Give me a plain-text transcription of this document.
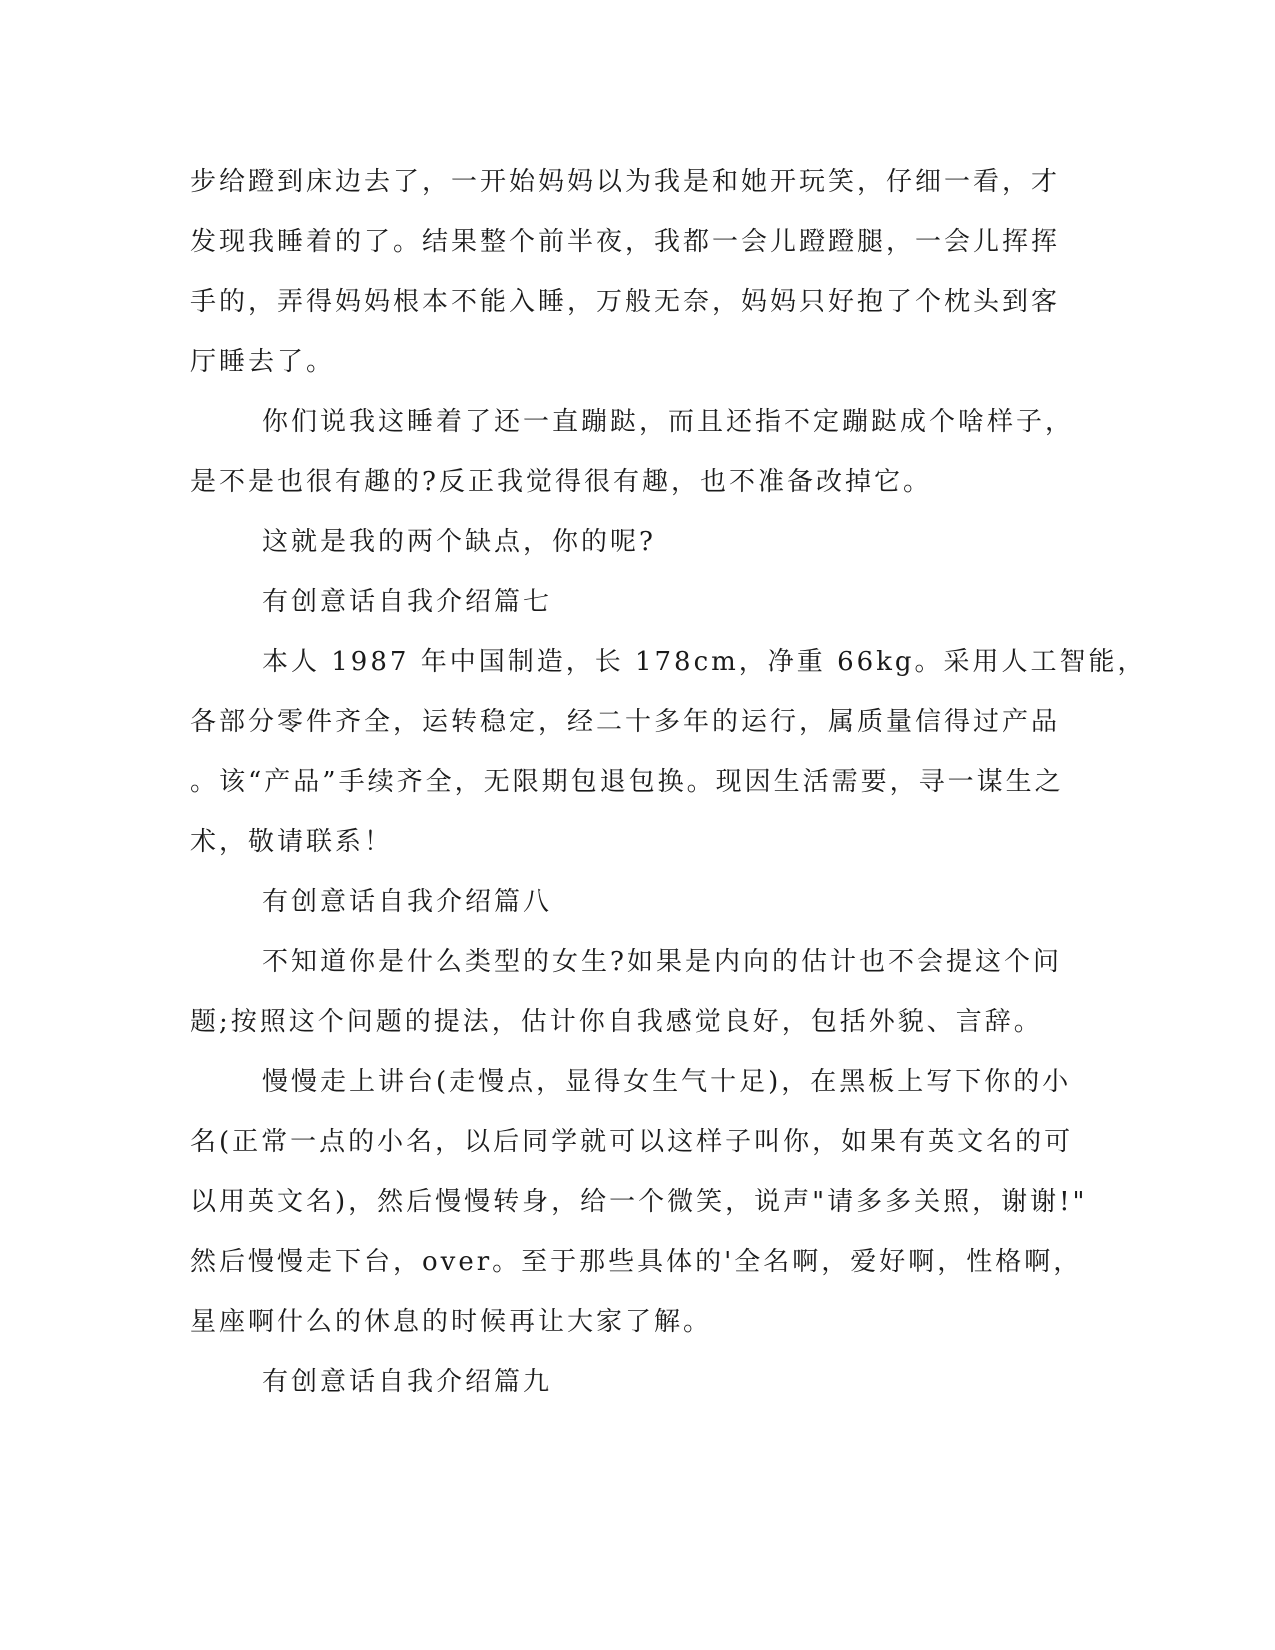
步给蹬到床边去了，一开始妈妈以为我是和她开玩笑，仔细一看，才
发现我睡着的了。结果整个前半夜，我都一会儿蹬蹬腿，一会儿挥挥
手的，弄得妈妈根本不能入睡，万般无奈，妈妈只好抱了个枕头到客
厅睡去了。
你们说我这睡着了还一直蹦跶，而且还指不定蹦跶成个啥样子，
是不是也很有趣的?反正我觉得很有趣，也不准备改掉它。
这就是我的两个缺点，你的呢?
有创意话自我介绍篇七
本人 1987 年中国制造，长 178cm，净重 66kg。采用人工智能，
各部分零件齐全，运转稳定，经二十多年的运行，属质量信得过产品
。该“产品”手续齐全，无限期包退包换。现因生活需要，寻一谋生之
术，敬请联系！
有创意话自我介绍篇八
不知道你是什么类型的女生?如果是内向的估计也不会提这个问
题;按照这个问题的提法，估计你自我感觉良好，包括外貌、言辞。
慢慢走上讲台(走慢点，显得女生气十足)，在黑板上写下你的小
名(正常一点的小名，以后同学就可以这样子叫你，如果有英文名的可
以用英文名)，然后慢慢转身，给一个微笑，说声"请多多关照，谢谢!"
然后慢慢走下台，over。至于那些具体的'全名啊，爱好啊，性格啊，
星座啊什么的休息的时候再让大家了解。
有创意话自我介绍篇九
